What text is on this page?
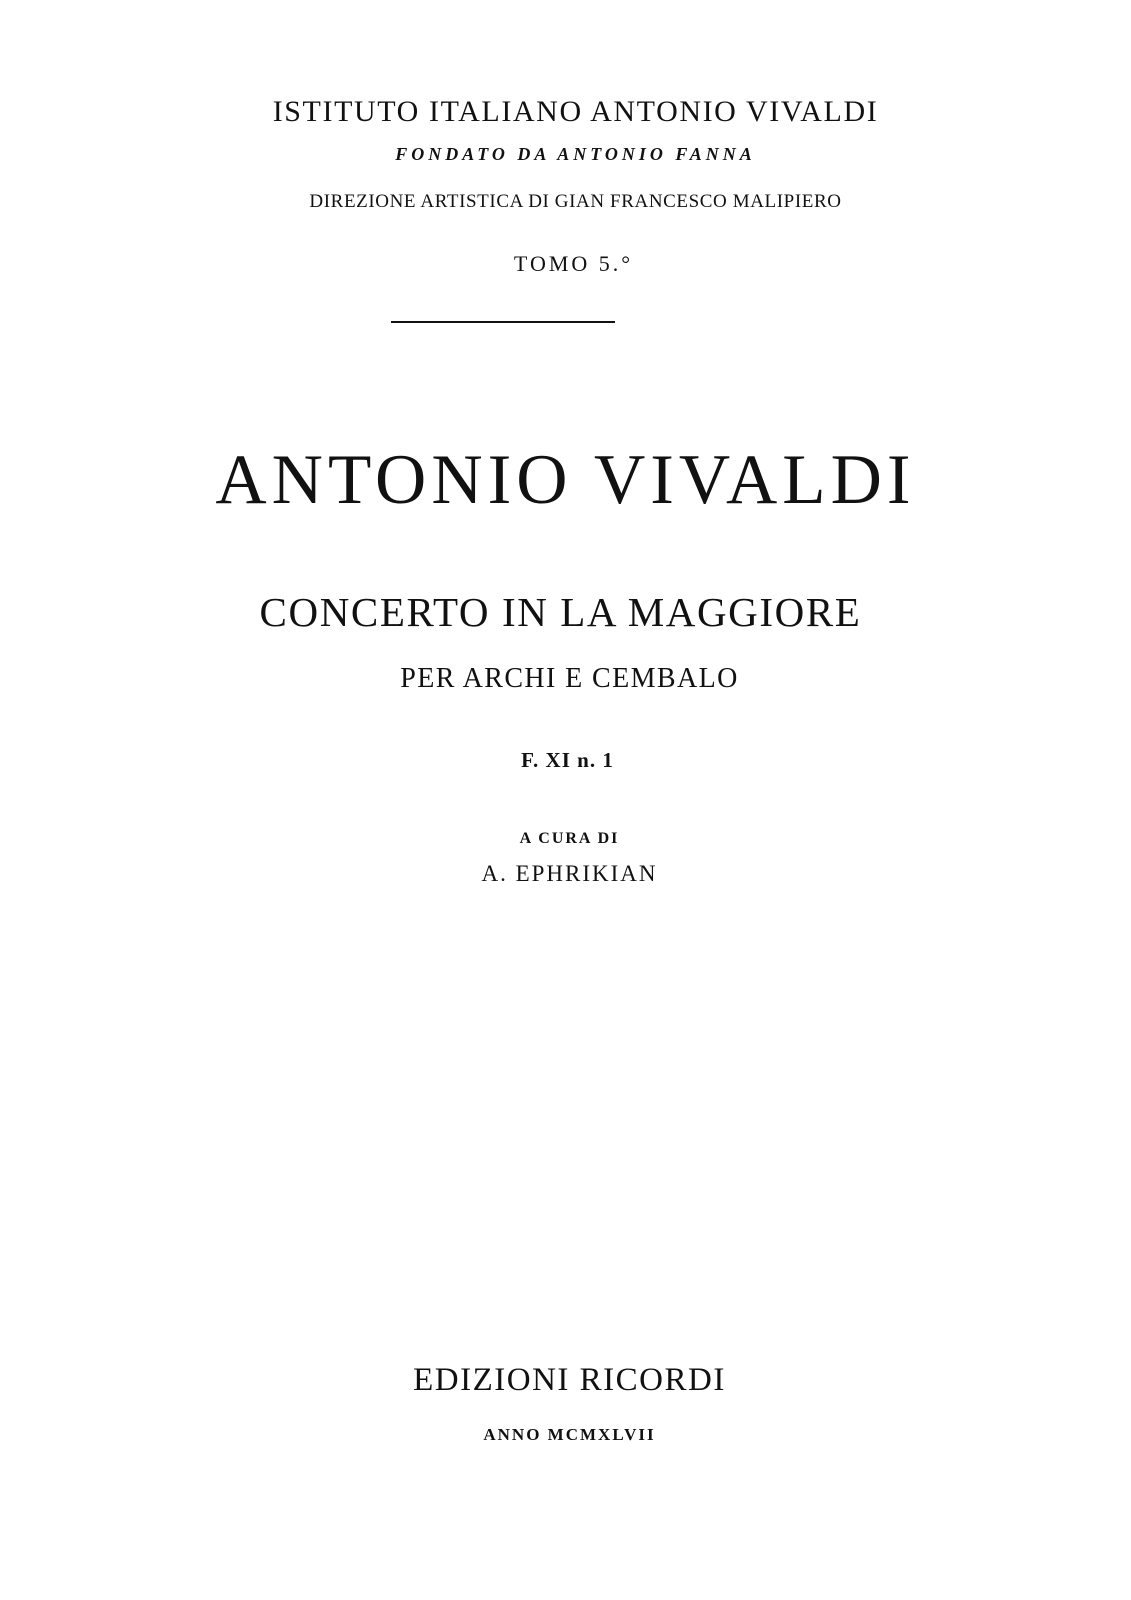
ISTITUTO ITALIANO ANTONIO VIVALDI
FONDATO DA ANTONIO FANNA
DIREZIONE ARTISTICA DI GIAN FRANCESCO MALIPIERO
TOMO 5.°
ANTONIO VIVALDI
CONCERTO IN LA MAGGIORE
PER ARCHI E CEMBALO
F. XI n. 1
A CURA DI
A. EPHRIKIAN
EDIZIONI RICORDI
ANNO MCMXLVII
